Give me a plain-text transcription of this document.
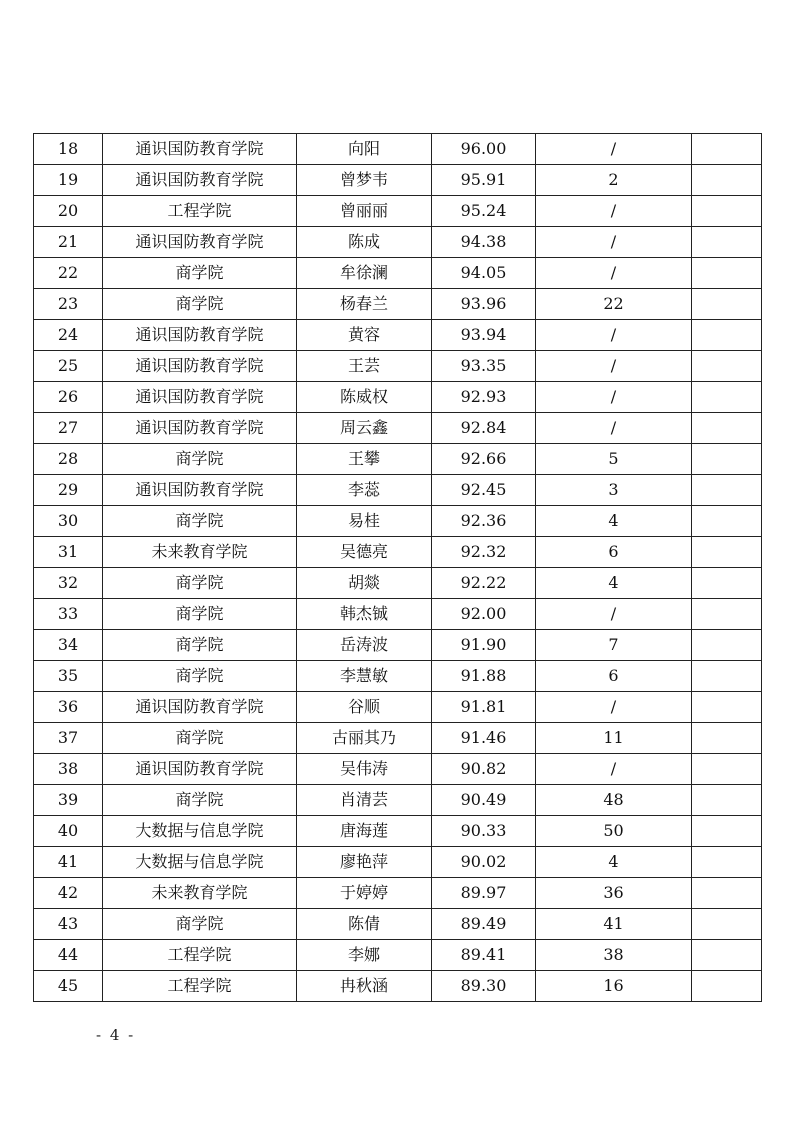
18	通识国防教育学院	向阳	96.00	/	
19	通识国防教育学院	曾梦韦	95.91	2	
20	工程学院	曾丽丽	95.24	/	
21	通识国防教育学院	陈成	94.38	/	
22	商学院	牟徐澜	94.05	/	
23	商学院	杨春兰	93.96	22	
24	通识国防教育学院	黄容	93.94	/	
25	通识国防教育学院	王芸	93.35	/	
26	通识国防教育学院	陈威权	92.93	/	
27	通识国防教育学院	周云鑫	92.84	/	
28	商学院	王攀	92.66	5	
29	通识国防教育学院	李蕊	92.45	3	
30	商学院	易桂	92.36	4	
31	未来教育学院	吴德亮	92.32	6	
32	商学院	胡燚	92.22	4	
33	商学院	韩杰铖	92.00	/	
34	商学院	岳涛波	91.90	7	
35	商学院	李慧敏	91.88	6	
36	通识国防教育学院	谷顺	91.81	/	
37	商学院	古丽其乃	91.46	11	
38	通识国防教育学院	吴伟涛	90.82	/	
39	商学院	肖清芸	90.49	48	
40	大数据与信息学院	唐海莲	90.33	50	
41	大数据与信息学院	廖艳萍	90.02	4	
42	未来教育学院	于婷婷	89.97	36	
43	商学院	陈倩	89.49	41	
44	工程学院	李娜	89.41	38	
45	工程学院	冉秋涵	89.30	16	
- 4 -
